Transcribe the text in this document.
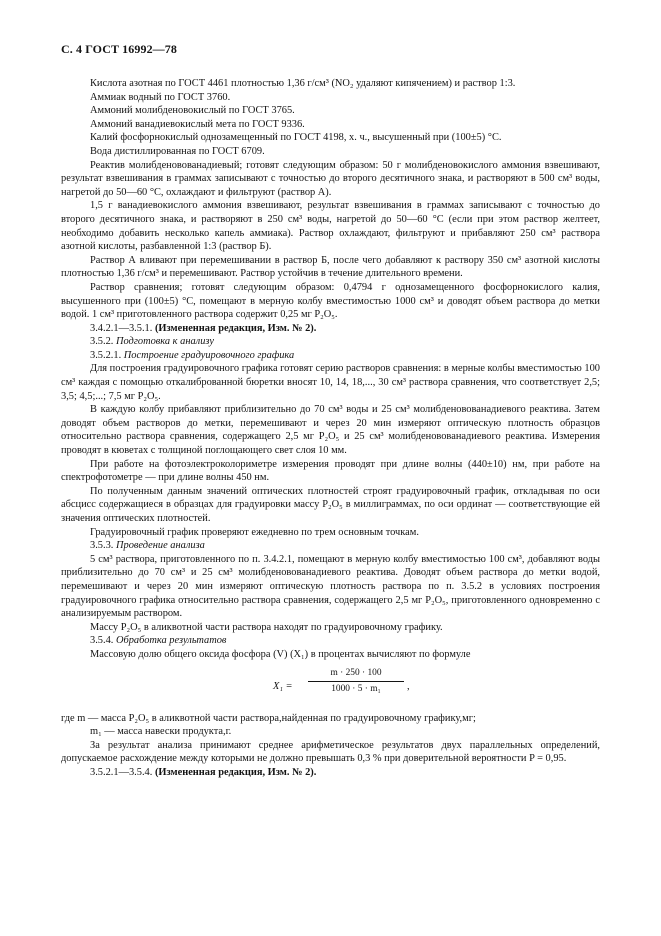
С. 4 ГОСТ 16992—78

Кислота азотная по ГОСТ 4461 плотностью 1,36 г/см³ (NO₂ удаляют кипячением) и раствор 1:3.

Аммиак водный по ГОСТ 3760.

Аммоний молибденовокислый по ГОСТ 3765.

Аммоний ванадиевокислый мета по ГОСТ 9336.

Калий фосфорнокислый однозамещенный по ГОСТ 4198, х. ч., высушенный при (100±5) °С.

Вода дистиллированная по ГОСТ 6709.

Реактив молибденовованадиевый; готовят следующим образом: 50 г молибденовокислого аммония взвешивают, результат взвешивания в граммах записывают с точностью до второго десятичного знака, и растворяют в 500 см³ воды, нагретой до 50—60 °С, охлаждают и фильтруют (раствор А).

1,5 г ванадиевокислого аммония взвешивают, результат взвешивания в граммах записывают с точностью до второго десятичного знака, и растворяют в 250 см³ воды, нагретой до 50—60 °С (если при этом раствор желтеет, необходимо добавить несколько капель аммиака). Раствор охлаждают, фильтруют и прибавляют 250 см³ раствора азотной кислоты, разбавленной 1:3 (раствор Б).

Раствор А вливают при перемешивании в раствор Б, после чего добавляют к раствору 350 см³ азотной кислоты плотностью 1,36 г/см³ и перемешивают. Раствор устойчив в течение длительного времени.

Раствор сравнения; готовят следующим образом: 0,4794 г однозамещенного фосфорнокислого калия, высушенного при (100±5) °С, помещают в мерную колбу вместимостью 1000 см³ и доводят объем раствора до метки водой. 1 см³ приготовленного раствора содержит 0,25 мг P₂O₅.

3.4.2.1—3.5.1. (Измененная редакция, Изм. № 2).

3.5.2. Подготовка к анализу

3.5.2.1. Построение градуировочного графика

Для построения градуировочного графика готовят серию растворов сравнения: в мерные колбы вместимостью 100 см³ каждая с помощью откалиброванной бюретки вносят 10, 14, 18,..., 30 см³ раствора сравнения, что соответствует 2,5; 3,5; 4,5;...; 7,5 мг P₂O₅.

В каждую колбу прибавляют приблизительно до 70 см³ воды и 25 см³ молибденовованадиевого реактива. Затем доводят объем растворов до метки, перемешивают и через 20 мин измеряют оптическую плотность образцов относительно раствора сравнения, содержащего 2,5 мг P₂O₅ и 25 см³ молибденовованадиевого реактива. Измерения проводят в кюветах с толщиной поглощающего свет слоя 10 мм.

При работе на фотоэлектроколориметре измерения проводят при длине волны (440±10) нм, при работе на спектрофотометре — при длине волны 450 нм.

По полученным данным значений оптических плотностей строят градуировочный график, откладывая по оси абсцисс содержащиеся в образцах для градуировки массу P₂O₅ в миллиграммах, по оси ординат — соответствующие ей значения оптических плотностей.

Градуировочный график проверяют ежедневно по трем основным точкам.

3.5.3. Проведение анализа

5 см³ раствора, приготовленного по п. 3.4.2.1, помещают в мерную колбу вместимостью 100 см³, добавляют воды приблизительно до 70 см³ и 25 см³ молибденовованадиевого реактива. Доводят объем раствора до метки водой, перемешивают и через 20 мин измеряют оптическую плотность раствора по п. 3.5.2 в условиях построения градуировочного графика относительно раствора сравнения, содержащего 2,5 мг P₂O₅, приготовленного одновременно с анализируемым раствором.

Массу P₂O₅ в аликвотной части раствора находят по градуировочному графику.

3.5.4. Обработка результатов

Массовую долю общего оксида фосфора (V) (X₁) в процентах вычисляют по формуле

$X_1 = \frac{m \cdot 250 \cdot 100}{\text{1000 · 5 · m₁}}$ ,

где m — масса P₂O₅ в аликвотной части раствора,найденная по градуировочному графику,мг;

m₁ — масса навески продукта,г.

За результат анализа принимают среднее арифметическое результатов двух параллельных определений, допускаемое расхождение между которыми не должно превышать 0,3 % при доверительной вероятности P = 0,95.

3.5.2.1—3.5.4. (Измененная редакция, Изм. № 2).
